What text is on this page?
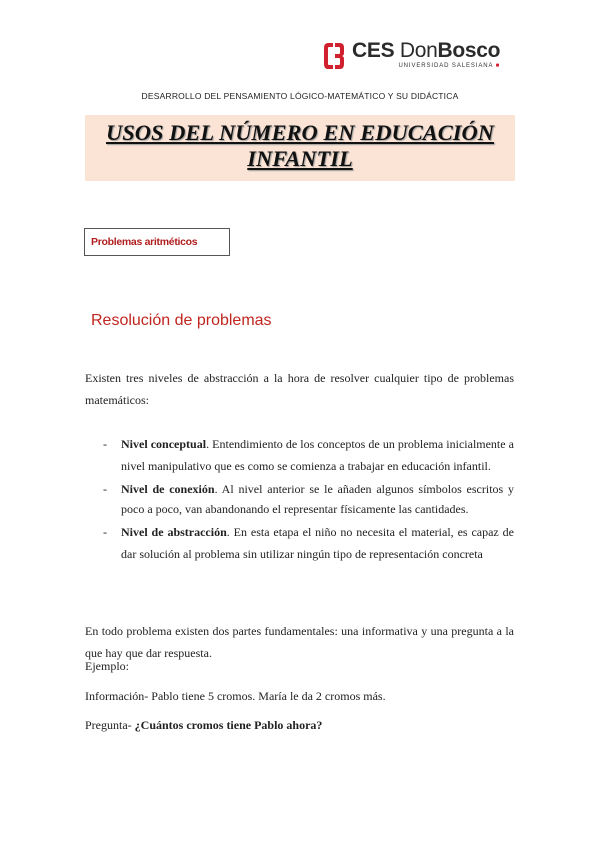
CES DonBosco
UNIVERSIDAD SALESIANA ■
DESARROLLO DEL PENSAMIENTO LÓGICO-MATEMÁTICO Y SU DIDÁCTICA
USOS DEL NÚMERO EN EDUCACIÓN
INFANTIL
Problemas aritméticos
Resolución de problemas

Existen tres niveles de abstracción a la hora de resolver cualquier tipo de problemas matemáticos:

- Nivel conceptual. Entendimiento de los conceptos de un problema inicialmente a nivel manipulativo que es como se comienza a trabajar en educación infantil.
- Nivel de conexión. Al nivel anterior se le añaden algunos símbolos escritos y poco a poco, van abandonando el representar físicamente las cantidades.
- Nivel de abstracción. En esta etapa el niño no necesita el material, es capaz de dar solución al problema sin utilizar ningún tipo de representación concreta

En todo problema existen dos partes fundamentales: una informativa y una pregunta a la que hay que dar respuesta.

Ejemplo:
Información- Pablo tiene 5 cromos. María le da 2 cromos más.
Pregunta- ¿Cuántos cromos tiene Pablo ahora?
